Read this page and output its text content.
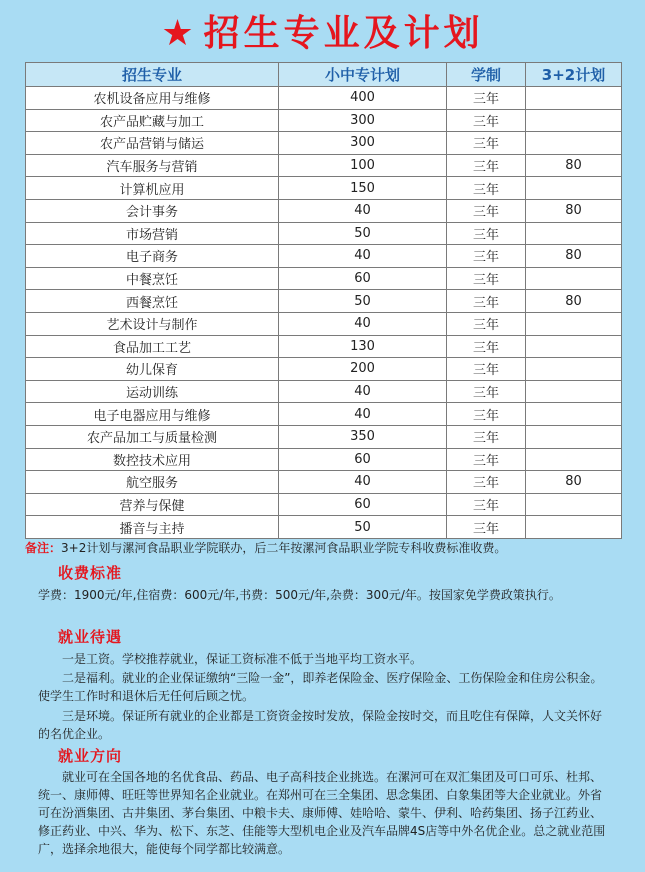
★ 招生专业及计划
招生专业	小中专计划	学制	3+2计划
农机设备应用与维修	400	三年	
农产品贮藏与加工	300	三年	
农产品营销与储运	300	三年	
汽车服务与营销	100	三年	80
计算机应用	150	三年	
会计事务	40	三年	80
市场营销	50	三年	
电子商务	40	三年	80
中餐烹饪	60	三年	
西餐烹饪	50	三年	80
艺术设计与制作	40	三年	
食品加工工艺	130	三年	
幼儿保育	200	三年	
运动训练	40	三年	
电子电器应用与维修	40	三年	
农产品加工与质量检测	350	三年	
数控技术应用	60	三年	
航空服务	40	三年	80
营养与保健	60	三年	
播音与主持	50	三年	
备注：3+2计划与漯河食品职业学院联办，后二年按漯河食品职业学院专科收费标准收费。
收费标准
学费：1900元/年,住宿费：600元/年,书费：500元/年,杂费：300元/年。按国家免学费政策执行。
就业待遇
一是工资。学校推荐就业，保证工资标准不低于当地平均工资水平。
二是福利。就业的企业保证缴纳“三险一金”，即养老保险金、医疗保险金、工伤保险金和住房公积金。使学生工作时和退休后无任何后顾之忧。
三是环境。保证所有就业的企业都是工资资金按时发放，保险金按时交，而且吃住有保障，人文关怀好的名优企业。
就业方向
就业可在全国各地的名优食品、药品、电子高科技企业挑选。在漯河可在双汇集团及可口可乐、杜邦、统一、康师傅、旺旺等世界知名企业就业。在郑州可在三全集团、思念集团、白象集团等大企业就业。外省可在汾酒集团、古井集团、茅台集团、中粮卡夫、康师傅、娃哈哈、蒙牛、伊利、哈药集团、扬子江药业、修正药业、中兴、华为、松下、东芝、佳能等大型机电企业及汽车品牌4S店等中外名优企业。总之就业范围广，选择余地很大，能使每个同学都比较满意。
